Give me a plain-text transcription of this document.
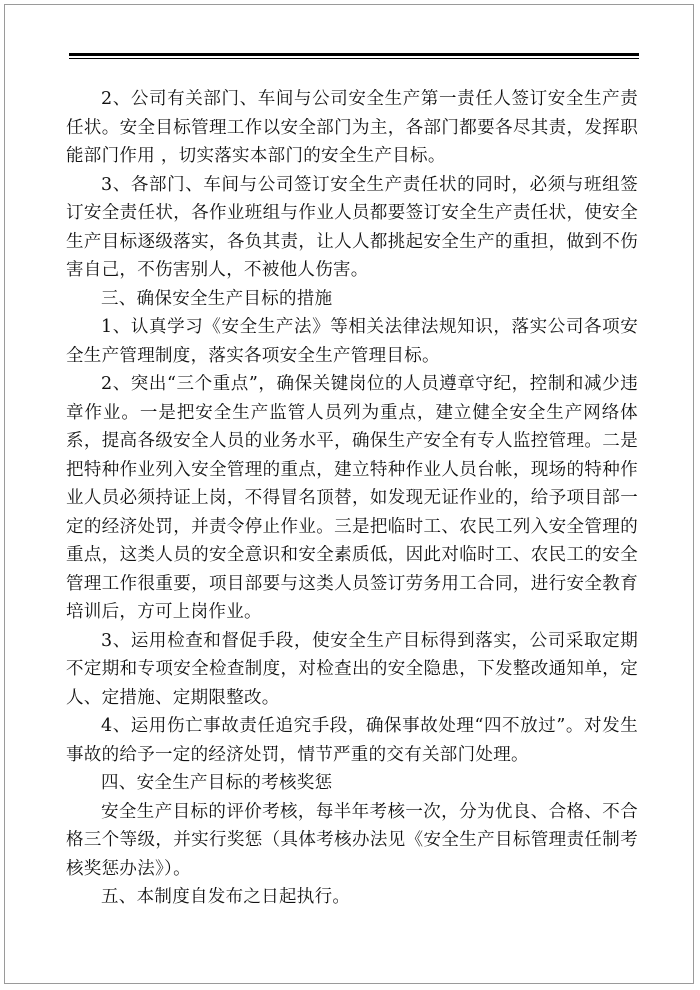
2、公司有关部门、车间与公司安全生产第一责任人签订安全生产责任状。安全目标管理工作以安全部门为主，各部门都要各尽其责，发挥职能部门作用 ，切实落实本部门的安全生产目标。

3、各部门、车间与公司签订安全生产责任状的同时，必须与班组签订安全责任状，各作业班组与作业人员都要签订安全生产责任状，使安全生产目标逐级落实，各负其责，让人人都挑起安全生产的重担，做到不伤害自己，不伤害别人，不被他人伤害。

三、确保安全生产目标的措施

1、认真学习《安全生产法》等相关法律法规知识，落实公司各项安全生产管理制度，落实各项安全生产管理目标。

2、突出“三个重点”，确保关键岗位的人员遵章守纪，控制和减少违章作业。一是把安全生产监管人员列为重点，建立健全安全生产网络体系，提高各级安全人员的业务水平，确保生产安全有专人监控管理。二是把特种作业列入安全管理的重点，建立特种作业人员台帐，现场的特种作业人员必须持证上岗，不得冒名顶替，如发现无证作业的，给予项目部一定的经济处罚，并责令停止作业。三是把临时工、农民工列入安全管理的重点，这类人员的安全意识和安全素质低，因此对临时工、农民工的安全管理工作很重要，项目部要与这类人员签订劳务用工合同，进行安全教育培训后，方可上岗作业。

3、运用检查和督促手段，使安全生产目标得到落实，公司采取定期不定期和专项安全检查制度，对检查出的安全隐患，下发整改通知单，定人、定措施、定期限整改。

4、运用伤亡事故责任追究手段，确保事故处理“四不放过”。对发生事故的给予一定的经济处罚，情节严重的交有关部门处理。

四、安全生产目标的考核奖惩

安全生产目标的评价考核，每半年考核一次，分为优良、合格、不合格三个等级，并实行奖惩（具体考核办法见《安全生产目标管理责任制考核奖惩办法》）。

五、本制度自发布之日起执行。
